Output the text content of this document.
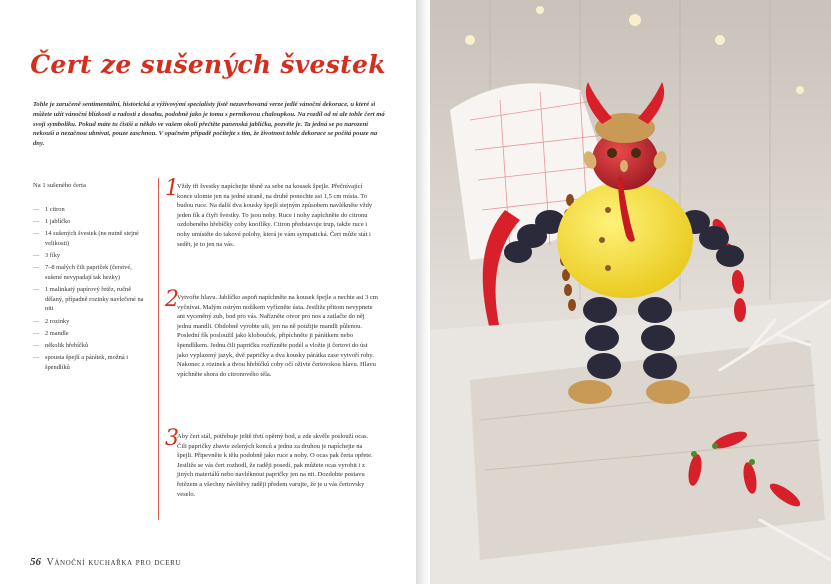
Čert ze sušených švestek

Tohle je zaručeně sentimentální, historická a výživovými specialisty jistě nezavrhovaná verze jedlé vánoční dekorace, u které si můžete užít vánoční blízkosti a radosti z dosahu, podobně jako je tomu s perníkovou chaloupkou. Na rozdíl od ní ale tohle čert má svoji symboliku. Pokud máte tu čistší a někdo ve vašem okolí přečtěte panenská jablíčka, pozvěte je. Ta jedná se po narození nekouší a nezačnou ubnívat, pouze zaschnou. V opačném případě počítejte s tím, že životnost tohle dekorace se počítá pouze na dny.

Na 1 sušeného čerta

— 1 citron
— 1 jablíčko
— 14 sušených švestek (ne nutně stejné velikosti)
— 3 fíky
— 7–8 malých čili papriček (čerstvé, sušené nevypadají tak hezky)
— 1 malinkatý papírový řetěz, ručně dělaný, případně rozinky navlečené na niti
— 2 rozinky
— 2 mandle
— několik hřebíčků
— spousta špejlí a párátek, možná i špendlíků
1

Vždy tři švestky napíchejte těsně za sebe na kousek špejle. Přečnívající konce ulomte jen na jedné straně, na druhé ponechte asi 1,5 cm místa. To budou ruce. Na další dva kousky špejlí stejným způsobem navlékněte vždy jeden fík a čtyři švestky. To jsou nohy. Ruce i nohy zapíchněte do citronu ozdobeného hřebíčky coby knoflíky. Citron představuje trup, takže ruce i nohy umístěte do takové polohy, která je vám sympatická. Čert může stát i sedět, je to jen na vás.

2

Vytvořte hlavu. Jablíčko aspoň napíchněte na kousek špejle a nechte asi 3 cm vyčnívat. Malým ostrým nožíkem vyřízněte ústa. Jestliže přitom nevypnete ani vyceněný zub, bod pro vás. Nařízněte otvor pro nos a zatlačte do něj jednu mandli. Obdobně vyrobte uši, jen na ně použijte mandli půlenou. Poslední fík posloužil jako klobouček, připíchněte ji párátkem nebo špendlíkem. Jednu čili papričku rozřízněte podél a vložte ji čertovi do úst jako vyplazený jazyk, dvě papričky a dva kousky párátka zase vytvoří rohy. Nakonec z rozinek a dvou hřebíčků coby očí oživte čertovskou hlavu. Hlavu vpíchněte shora do citronového těla.

3

Aby čert stál, potřebuje ještě třetí opěrný bod, a zde skvěle poslouží ocas. Čili papričky zbavte zelených konců a jednu za druhou je napíchejte na špejli. Připevněte k tělu podobně jako ruce a nohy. O ocas pak čerta opřete. Jestliže se vás čert rozhodl, že raději posedí, pak můžete ocas vyrobit i z jiných materiálů nebo navléknout papričky jen na nit. Dozdobte postavu řetězem a všechny návštěvy raději předem varujte, že je u vás čertovsky veselo.

56 Vánoční kuchařka pro dceru
